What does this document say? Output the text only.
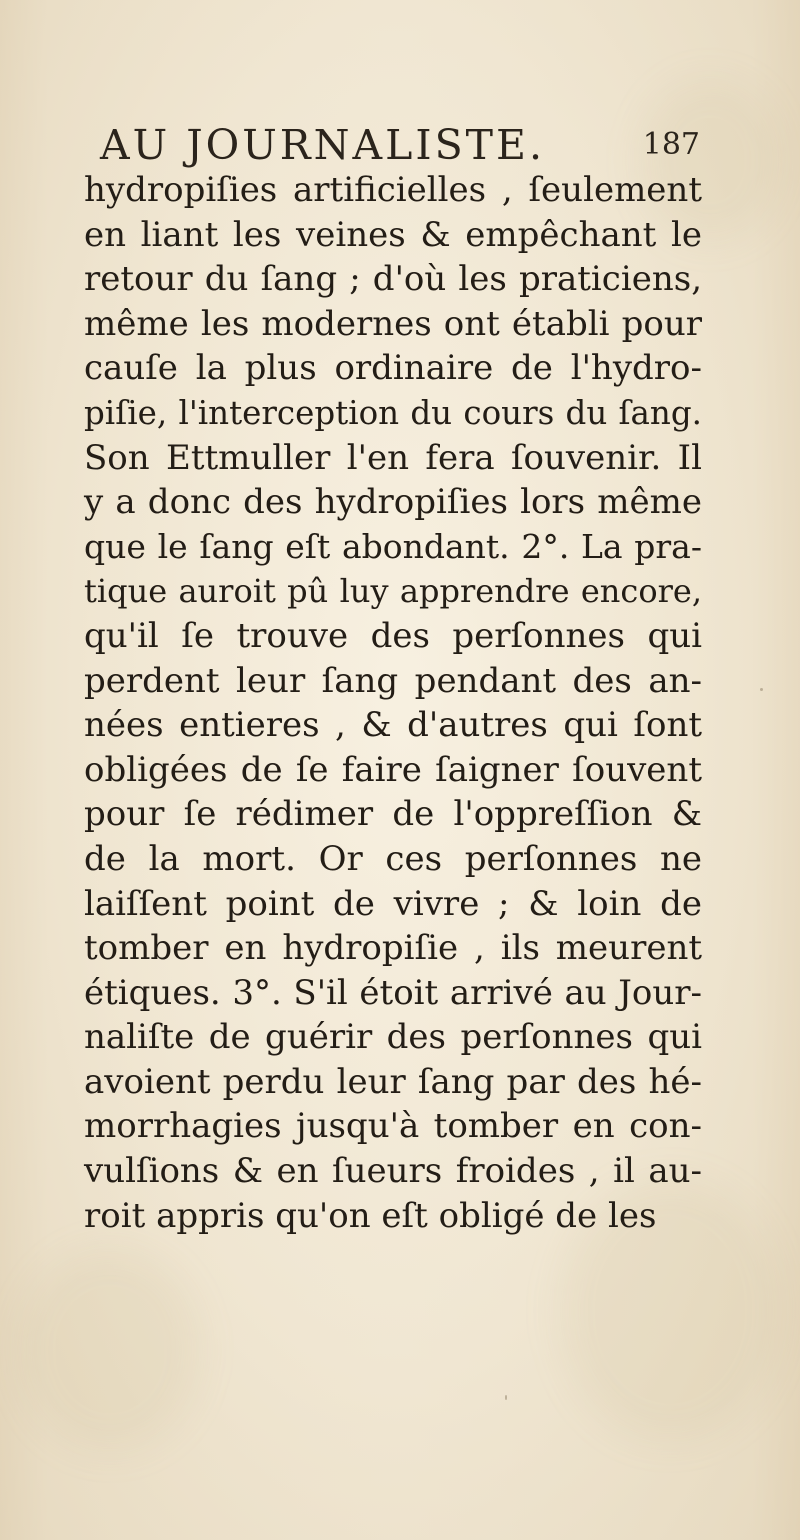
AU JOURNALISTE.	187
hydropiſies artificielles , ſeulement
en liant les veines & empêchant le
retour du ſang ; d'où les praticiens,
même les modernes ont établi pour
cauſe la plus ordinaire de l'hydro-
piſie, l'interception du cours du ſang.
Son Ettmuller l'en fera ſouvenir. Il
y a donc des hydropiſies lors même
que le ſang eſt abondant. 2°. La pra-
tique auroit pû luy apprendre encore,
qu'il ſe trouve des perſonnes qui
perdent leur ſang pendant des an-
nées entieres , & d'autres qui ſont
obligées de ſe faire ſaigner ſouvent
pour ſe rédimer de l'oppreſſion &
de la mort. Or ces perſonnes ne
laiſſent point de vivre ; & loin de
tomber en hydropiſie , ils meurent
étiques. 3°. S'il étoit arrivé au Jour-
naliſte de guérir des perſonnes qui
avoient perdu leur ſang par des hé-
morrhagies jusqu'à tomber en con-
vulſions & en ſueurs froides , il au-
roit appris qu'on eſt obligé de les
